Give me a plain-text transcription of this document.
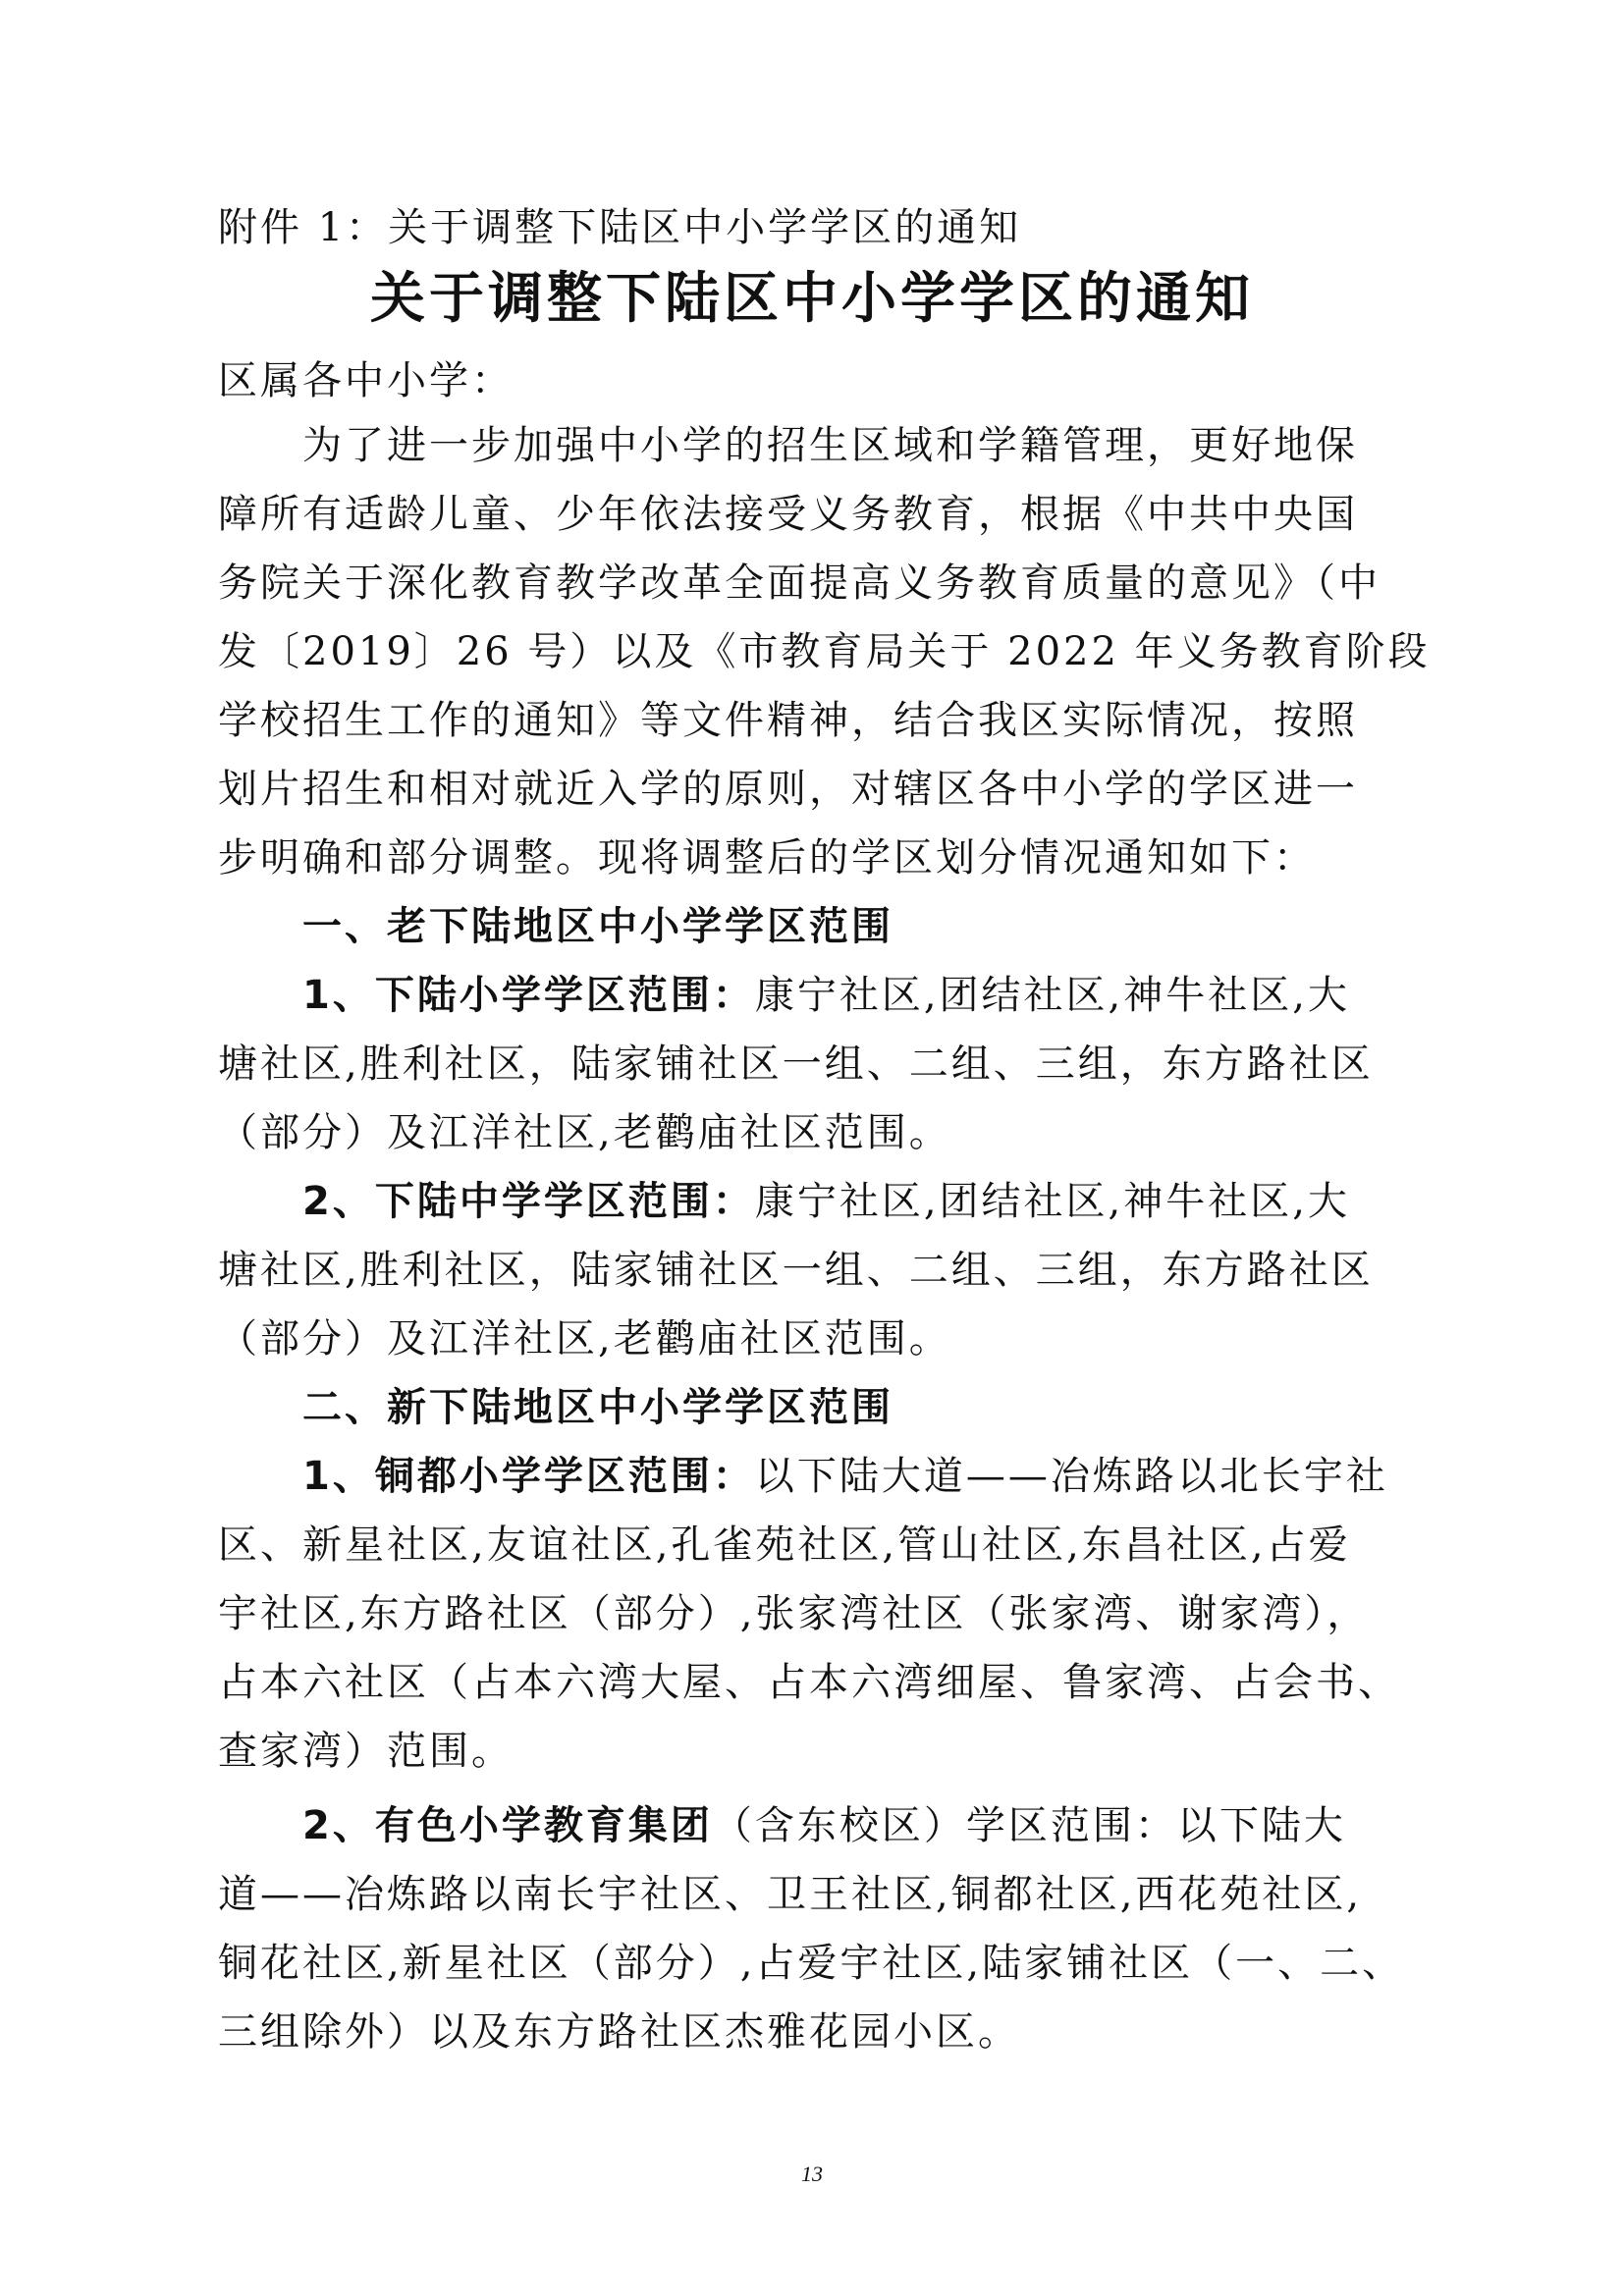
附件 1：关于调整下陆区中小学学区的通知
关于调整下陆区中小学学区的通知
区属各中小学：
为了进一步加强中小学的招生区域和学籍管理，更好地保
障所有适龄儿童、少年依法接受义务教育，根据《中共中央国
务院关于深化教育教学改革全面提高义务教育质量的意见》（中
发〔2019〕26 号）以及《市教育局关于 2022 年义务教育阶段
学校招生工作的通知》等文件精神，结合我区实际情况，按照
划片招生和相对就近入学的原则，对辖区各中小学的学区进一
步明确和部分调整。现将调整后的学区划分情况通知如下：
一、老下陆地区中小学学区范围
1、下陆小学学区范围：康宁社区,团结社区,神牛社区,大
塘社区,胜利社区，陆家铺社区一组、二组、三组，东方路社区
（部分）及江洋社区,老鹳庙社区范围。
2、下陆中学学区范围：康宁社区,团结社区,神牛社区,大
塘社区,胜利社区，陆家铺社区一组、二组、三组，东方路社区
（部分）及江洋社区,老鹳庙社区范围。
二、新下陆地区中小学学区范围
1、铜都小学学区范围：以下陆大道——冶炼路以北长宇社
区、新星社区,友谊社区,孔雀苑社区,管山社区,东昌社区,占爱
宇社区,东方路社区（部分）,张家湾社区（张家湾、谢家湾），
占本六社区（占本六湾大屋、占本六湾细屋、鲁家湾、占会书、
查家湾）范围。
2、有色小学教育集团（含东校区）学区范围：以下陆大
道——冶炼路以南长宇社区、卫王社区,铜都社区,西花苑社区,
铜花社区,新星社区（部分）,占爱宇社区,陆家铺社区（一、二、
三组除外）以及东方路社区杰雅花园小区。
13
